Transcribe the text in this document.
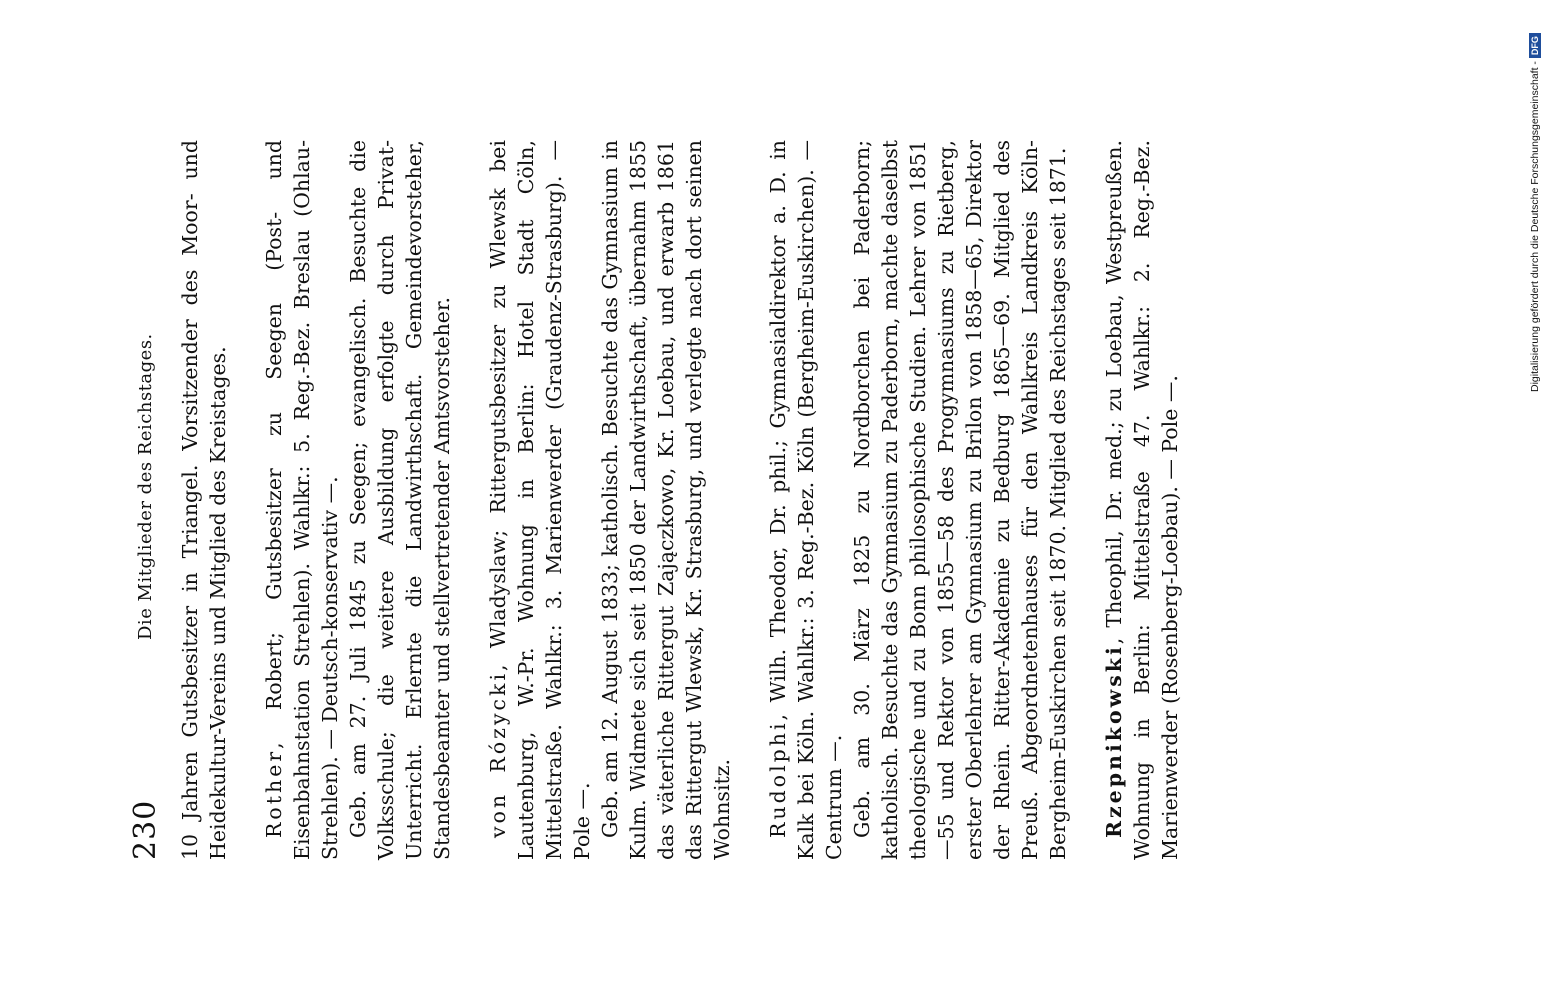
230
Die Mitglieder des Reichstages. 10 Jahren Gutsbesitzer in Triangel. Vorsitzender des Moor- und Heidekultur-Vereins und Mitglied des Kreistages. Rother, Robert; Gutsbesitzer zu Seegen (Post- und Eisenbahnstation Strehlen). Wahlkr.: 5. Reg.-Bez. Breslau (Ohlau-Strehlen). — Deutsch-konservativ —. Geb. am 27. Juli 1845 zu Seegen; evangelisch. Besuchte die Volksschule; die weitere Ausbildung erfolgte durch Privat-Unterricht. Erlernte die Landwirthschaft. Gemeindevorsteher, Standesbeamter und stellvertretender Amtsvorsteher. von Rózycki, Wladyslaw; Rittergutsbesitzer zu Wlewsk bei Lautenburg, W.-Pr. Wohnung in Berlin: Hotel Stadt Cöln, Mittelstraße. Wahlkr.: 3. Marienwerder (Graudenz-Strasburg). — Pole —. Geb. am 12. August 1833; katholisch. Besuchte das Gymnasium in Kulm. Widmete sich seit 1850 der Landwirthschaft, übernahm 1855 das väterliche Rittergut Zajączkowo, Kr. Loebau, und erwarb 1861 das Rittergut Wlewsk, Kr. Strasburg, und verlegte nach dort seinen Wohnsitz. Rudolphi, Wilh. Theodor, Dr. phil.; Gymnasialdirektor a. D. in Kalk bei Köln. Wahlkr.: 3. Reg.-Bez. Köln (Bergheim-Euskirchen). — Centrum —. Geb. am 30. März 1825 zu Nordborchen bei Paderborn; katholisch. Besuchte das Gymnasium zu Paderborn, machte daselbst theologische und zu Bonn philosophische Studien. Lehrer von 1851—55 und Rektor von 1855—58 des Progymnasiums zu Rietberg, erster Oberlehrer am Gymnasium zu Brilon von 1858—65, Direktor der Rhein. Ritter-Akademie zu Bedburg 1865—69. Mitglied des Preuß. Abgeordnetenhauses für den Wahlkreis Landkreis Köln-Bergheim-Euskirchen seit 1870. Mitglied des Reichstages seit 1871. Rzepnikowski, Theophil, Dr. med.; zu Loebau, Westpreußen. Wohnung in Berlin: Mittelstraße 47. Wahlkr.: 2. Reg.-Bez. Marienwerder (Rosenberg-Loebau). — Pole —.

Digitalisierung gefördert durch die Deutsche Forschungsgemeinschaft -
DFG
